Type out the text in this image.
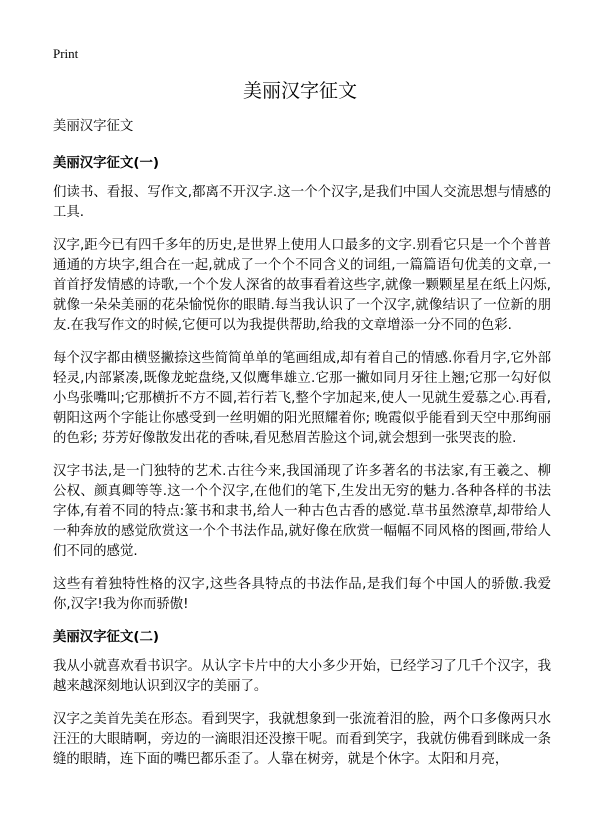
Print
美丽汉字征文

美丽汉字征文

美丽汉字征文(一)

们读书、看报、写作文,都离不开汉字.这一个个汉字,是我们中国人交流思想与情感的工具.

汉字,距今已有四千多年的历史,是世界上使用人口最多的文字.别看它只是一个个普普通通的方块字,组合在一起,就成了一个个不同含义的词组,一篇篇语句优美的文章,一首首抒发情感的诗歌,一个个发人深省的故事看着这些字,就像一颗颗星星在纸上闪烁,就像一朵朵美丽的花朵愉悦你的眼睛.每当我认识了一个汉字,就像结识了一位新的朋友.在我写作文的时候,它便可以为我提供帮助,给我的文章增添一分不同的色彩.

每个汉字都由横竖撇捺这些简简单单的笔画组成,却有着自己的情感.你看月字,它外部轻灵,内部紧凑,既像龙蛇盘绕,又似鹰隼雄立.它那一撇如同月牙往上翘;它那一勾好似小鸟张嘴叫;它那横折不方不圆,若行若飞,整个字加起来,使人一见就生爱慕之心.再看,朝阳这两个字能让你感受到一丝明媚的阳光照耀着你; 晚霞似乎能看到天空中那绚丽的色彩; 芬芳好像散发出花的香味,看见愁眉苦脸这个词,就会想到一张哭丧的脸.

汉字书法,是一门独特的艺术.古往今来,我国涌现了许多著名的书法家,有王羲之、柳公权、颜真卿等等.这一个个汉字,在他们的笔下,生发出无穷的魅力.各种各样的书法字体,有着不同的特点:篆书和隶书,给人一种古色古香的感觉.草书虽然潦草,却带给人一种奔放的感觉欣赏这一个个书法作品,就好像在欣赏一幅幅不同风格的图画,带给人们不同的感觉.

这些有着独特性格的汉字,这些各具特点的书法作品,是我们每个中国人的骄傲.我爱你,汉字!我为你而骄傲!

美丽汉字征文(二)

我从小就喜欢看书识字。从认字卡片中的大小多少开始，已经学习了几千个汉字，我越来越深刻地认识到汉字的美丽了。

汉字之美首先美在形态。看到哭字，我就想象到一张流着泪的脸，两个口多像两只水汪汪的大眼睛啊，旁边的一滴眼泪还没擦干呢。而看到笑字，我就仿佛看到眯成一条缝的眼睛，连下面的嘴巴都乐歪了。人靠在树旁，就是个休字。太阳和月亮，
